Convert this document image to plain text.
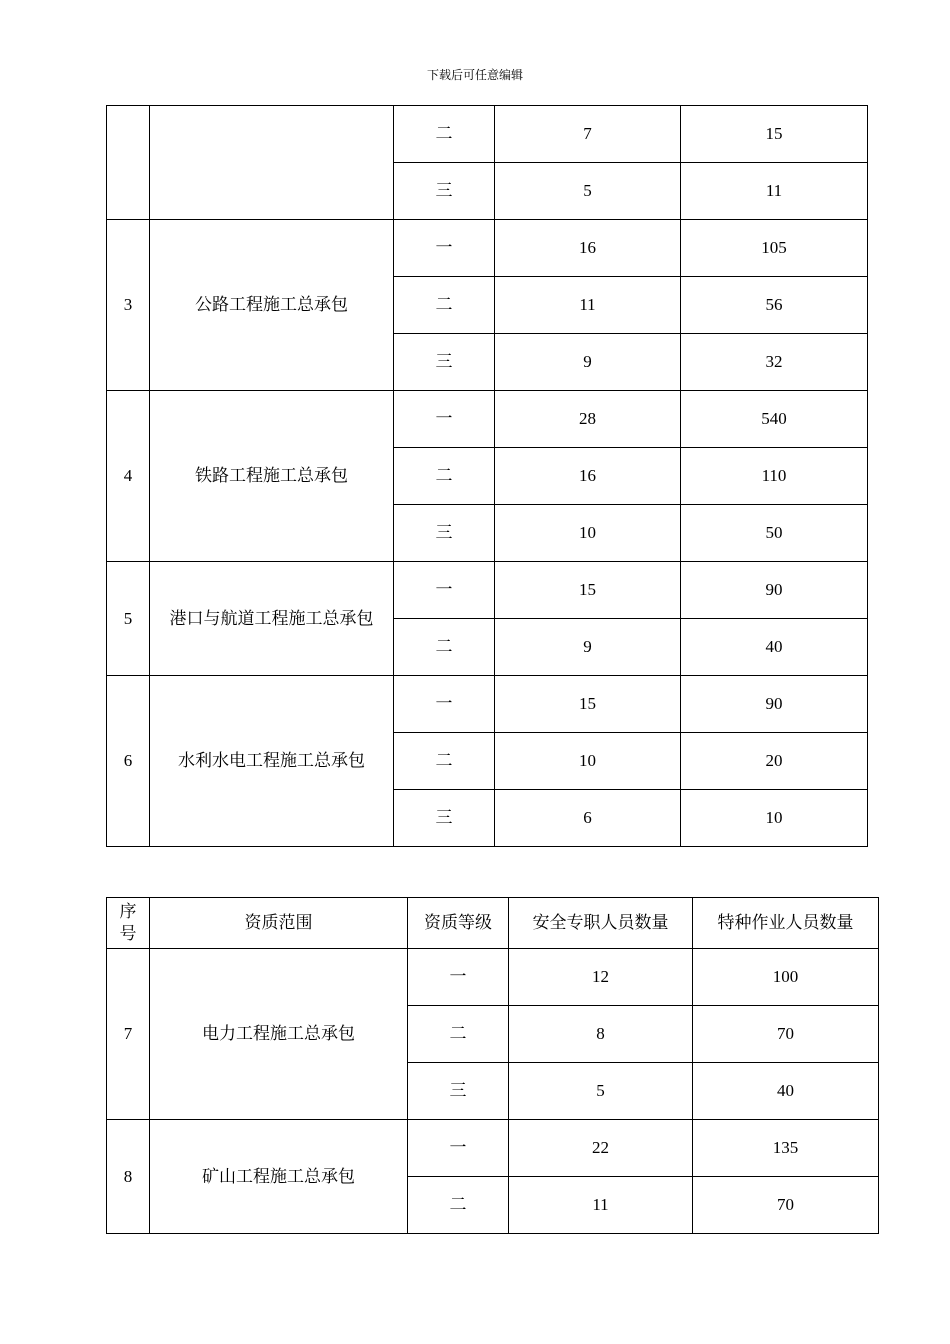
下载后可任意编辑
		二	7	15
		三	5	11
3	公路工程施工总承包	一	16	105
		二	11	56
		三	9	32
4	铁路工程施工总承包	一	28	540
		二	16	110
		三	10	50
5	港口与航道工程施工总承包	一	15	90
		二	9	40
6	水利水电工程施工总承包	一	15	90
		二	10	20
		三	6	10
序号	资质范围	资质等级	安全专职人员数量	特种作业人员数量
7	电力工程施工总承包	一	12	100
		二	8	70
		三	5	40
8	矿山工程施工总承包	一	22	135
		二	11	70
